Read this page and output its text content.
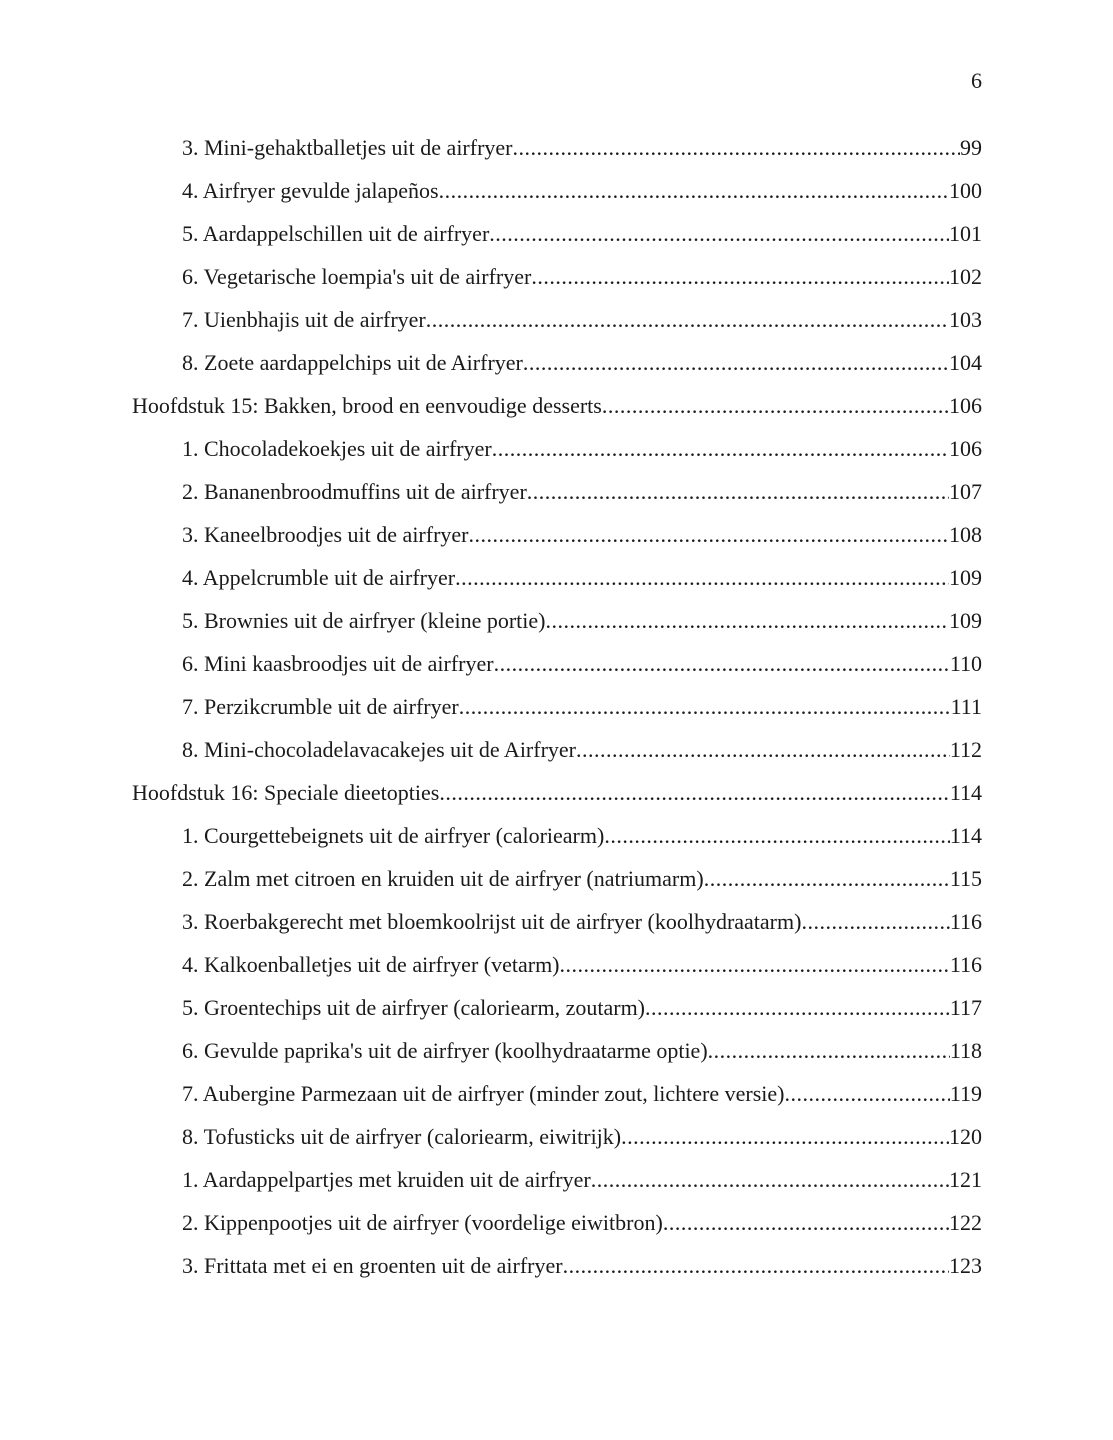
6
3. Mini-gehaktballetjes uit de airfryer .....	99
4. Airfryer gevulde jalapeños .....	100
5. Aardappelschillen uit de airfryer .....	101
6. Vegetarische loempia's uit de airfryer .....	102
7. Uienbhajis uit de airfryer .....	103
8. Zoete aardappelchips uit de Airfryer .....	104
Hoofdstuk 15: Bakken, brood en eenvoudige desserts .....	106
1. Chocoladekoekjes uit de airfryer .....	106
2. Bananenbroodmuffins uit de airfryer .....	107
3. Kaneelbroodjes uit de airfryer .....	108
4. Appelcrumble uit de airfryer .....	109
5. Brownies uit de airfryer (kleine portie) .....	109
6. Mini kaasbroodjes uit de airfryer .....	110
7. Perzikcrumble uit de airfryer .....	111
8. Mini-chocoladelavacakejes uit de Airfryer .....	112
Hoofdstuk 16: Speciale dieetopties .....	114
1. Courgettebeignets uit de airfryer (caloriearm) .....	114
2. Zalm met citroen en kruiden uit de airfryer (natriumarm) .....	115
3. Roerbakgerecht met bloemkoolrijst uit de airfryer (koolhydraatarm) .....	116
4. Kalkoenballetjes uit de airfryer (vetarm) .....	116
5. Groentechips uit de airfryer (caloriearm, zoutarm) .....	117
6. Gevulde paprika's uit de airfryer (koolhydraatarme optie) .....	118
7. Aubergine Parmezaan uit de airfryer (minder zout, lichtere versie) .....	119
8. Tofusticks uit de airfryer (caloriearm, eiwitrijk) .....	120
1. Aardappelpartjes met kruiden uit de airfryer .....	121
2. Kippenpootjes uit de airfryer (voordelige eiwitbron) .....	122
3. Frittata met ei en groenten uit de airfryer .....	123
